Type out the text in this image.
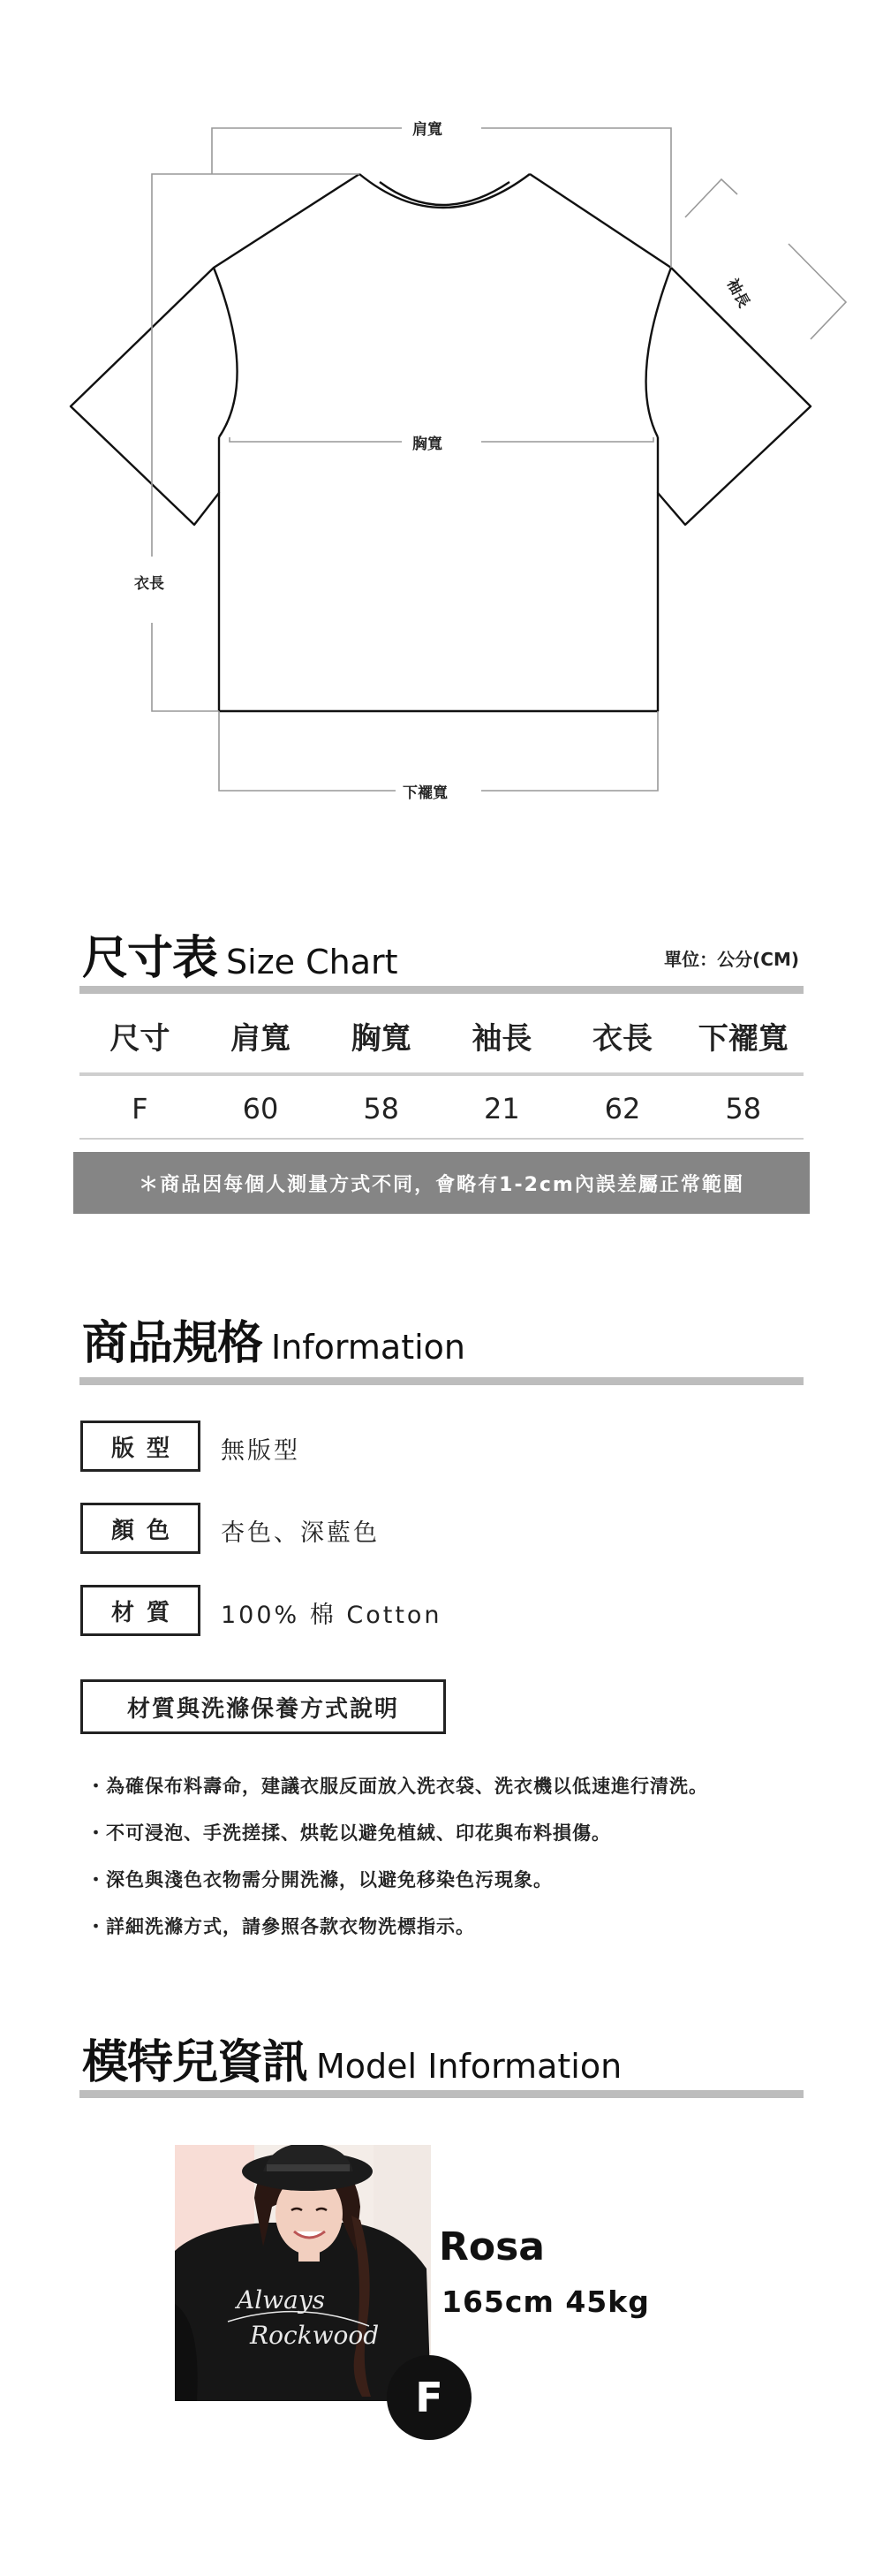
肩寬
胸寬
下襬寬
衣長
袖長
尺寸表 Size Chart	單位：公分(CM)
尺寸	肩寬	胸寬	袖長	衣長	下襬寬
F	60	58	21	62	58
＊商品因每個人測量方式不同，會略有1-2cm內誤差屬正常範圍
商品規格 Information
版型	無版型
顏色	杏色、深藍色
材質	100% 棉 Cotton
材質與洗滌保養方式說明
・為確保布料壽命，建議衣服反面放入洗衣袋、洗衣機以低速進行清洗。
・不可浸泡、手洗搓揉、烘乾以避免植絨、印花與布料損傷。
・深色與淺色衣物需分開洗滌，以避免移染色污現象。
・詳細洗滌方式，請參照各款衣物洗標指示。
模特兒資訊 Model Information
Always
Rockwood
Rosa
165cm 45kg
F
